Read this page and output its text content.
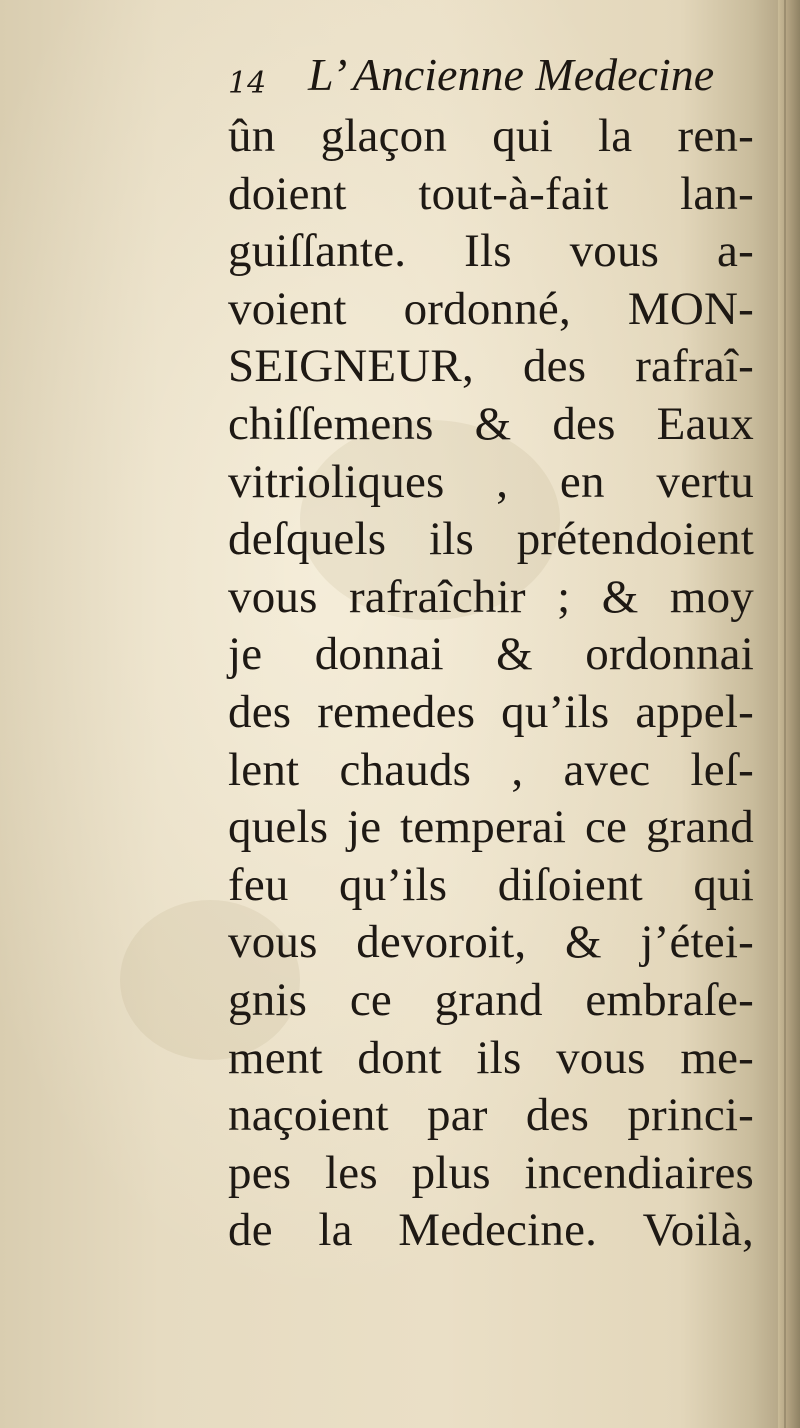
14 L’ Ancienne Medecine
ûn glaçon qui la ren-
doient tout-à-fait lan-
guiſſante. Ils vous a-
voient ordonné, MON-
SEIGNEUR, des rafraî-
chiſſemens & des Eaux
vitrioliques , en vertu
deſquels ils prétendoient
vous rafraîchir ; & moy
je donnai & ordonnai
des remedes qu’ils appel-
lent chauds , avec leſ-
quels je temperai ce grand
feu qu’ils diſoient qui
vous devoroit, & j’étei-
gnis ce grand embraſe-
ment dont ils vous me-
naçoient par des princi-
pes les plus incendiaires
de la Medecine. Voilà,
